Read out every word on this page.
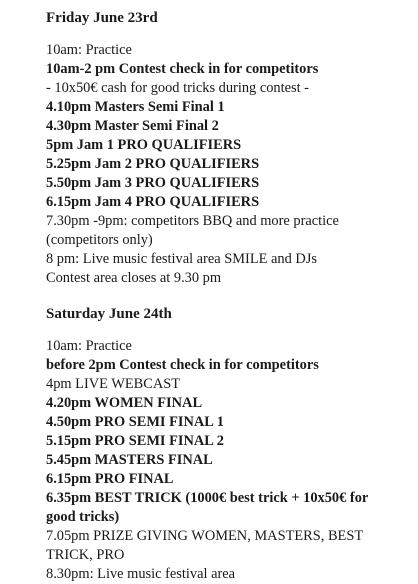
Friday June 23rd
10am: Practice
10am-2 pm Contest check in for competitors
- 10x50€ cash for good tricks during contest -
4.10pm Masters Semi Final 1
4.30pm Master Semi Final 2
5pm Jam 1 PRO QUALIFIERS
5.25pm Jam 2 PRO QUALIFIERS
5.50pm Jam 3 PRO QUALIFIERS
6.15pm Jam 4 PRO QUALIFIERS
7.30pm -9pm: competitors BBQ and more practice (competitors only)
8 pm: Live music festival area SMILE and DJs
Contest area closes at 9.30 pm
Saturday June 24th
10am: Practice
before 2pm Contest check in for competitors
4pm LIVE WEBCAST
4.20pm WOMEN FINAL
4.50pm PRO SEMI FINAL 1
5.15pm PRO SEMI FINAL 2
5.45pm MASTERS FINAL
6.15pm PRO FINAL
6.35pm BEST TRICK (1000€ best trick + 10x50€ for good tricks)
7.05pm PRIZE GIVING WOMEN, MASTERS, BEST TRICK, PRO
8.30pm: Live music festival area
